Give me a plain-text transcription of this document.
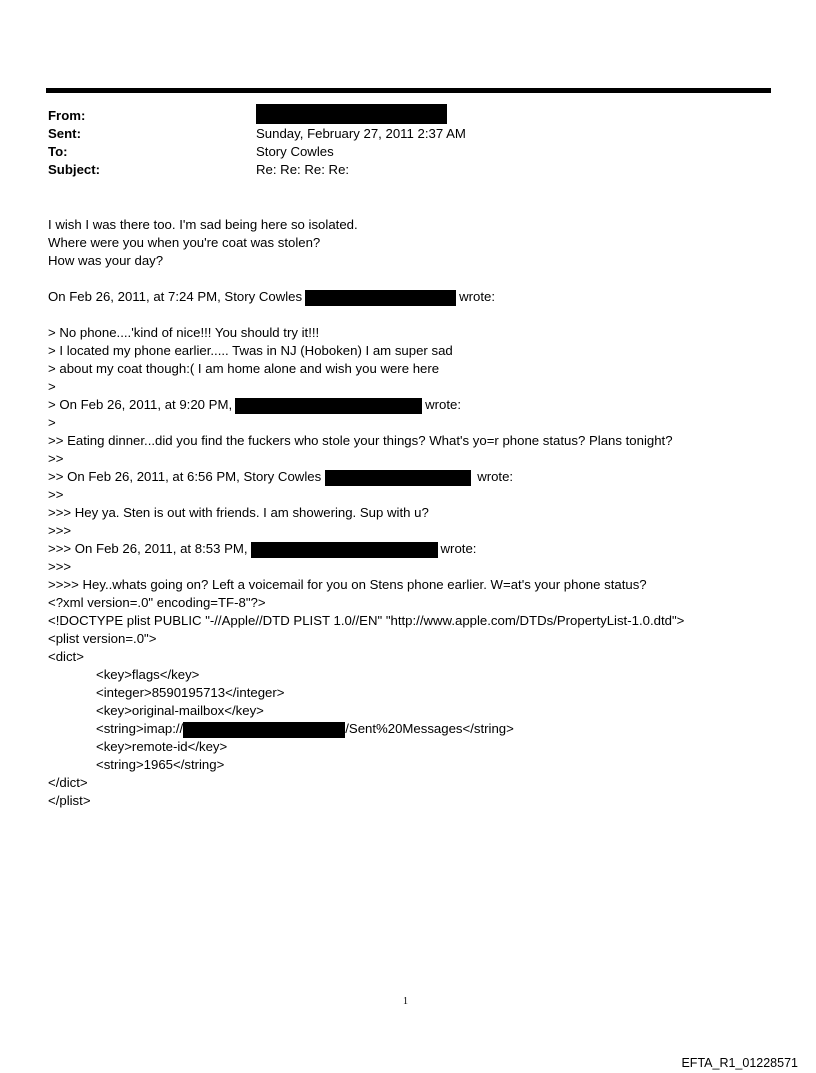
From:
Sent:	Sunday, February 27, 2011 2:37 AM
To:	Story Cowles
Subject:	Re: Re: Re: Re:
I wish I was there too. I'm sad being here so isolated.
Where were you when you're coat was stolen?
How was your day?
On Feb 26, 2011, at 7:24 PM, Story Cowles	wrote:
> No phone....'kind of nice!!! You should try it!!!
> I located my phone earlier..... Twas in NJ (Hoboken) I am super sad
> about my coat though:( I am home alone and wish you were here
>
> On Feb 26, 2011, at 9:20 PM,	wrote:
>
>> Eating dinner...did you find the fuckers who stole your things? What's yo=r phone status? Plans tonight?
>>
>> On Feb 26, 2011, at 6:56 PM, Story Cowles	wrote:
>>
>>> Hey ya. Sten is out with friends. I am showering. Sup with u?
>>>
>>> On Feb 26, 2011, at 8:53 PM,	wrote:
>>>
>>>> Hey..whats going on? Left a voicemail for you on Stens phone earlier. W=at's your phone status?
<?xml version=.0" encoding=TF-8"?>
<!DOCTYPE plist PUBLIC "-//Apple//DTD PLIST 1.0//EN" "http://www.apple.com/DTDs/PropertyList-1.0.dtd">
<plist version=.0">
<dict>
<key>flags</key>
<integer>8590195713</integer>
<key>original-mailbox</key>
<string>imap://	/Sent%20Messages</string>
<key>remote-id</key>
<string>1965</string>
</dict>
</plist>
1
EFTA_R1_01228571
